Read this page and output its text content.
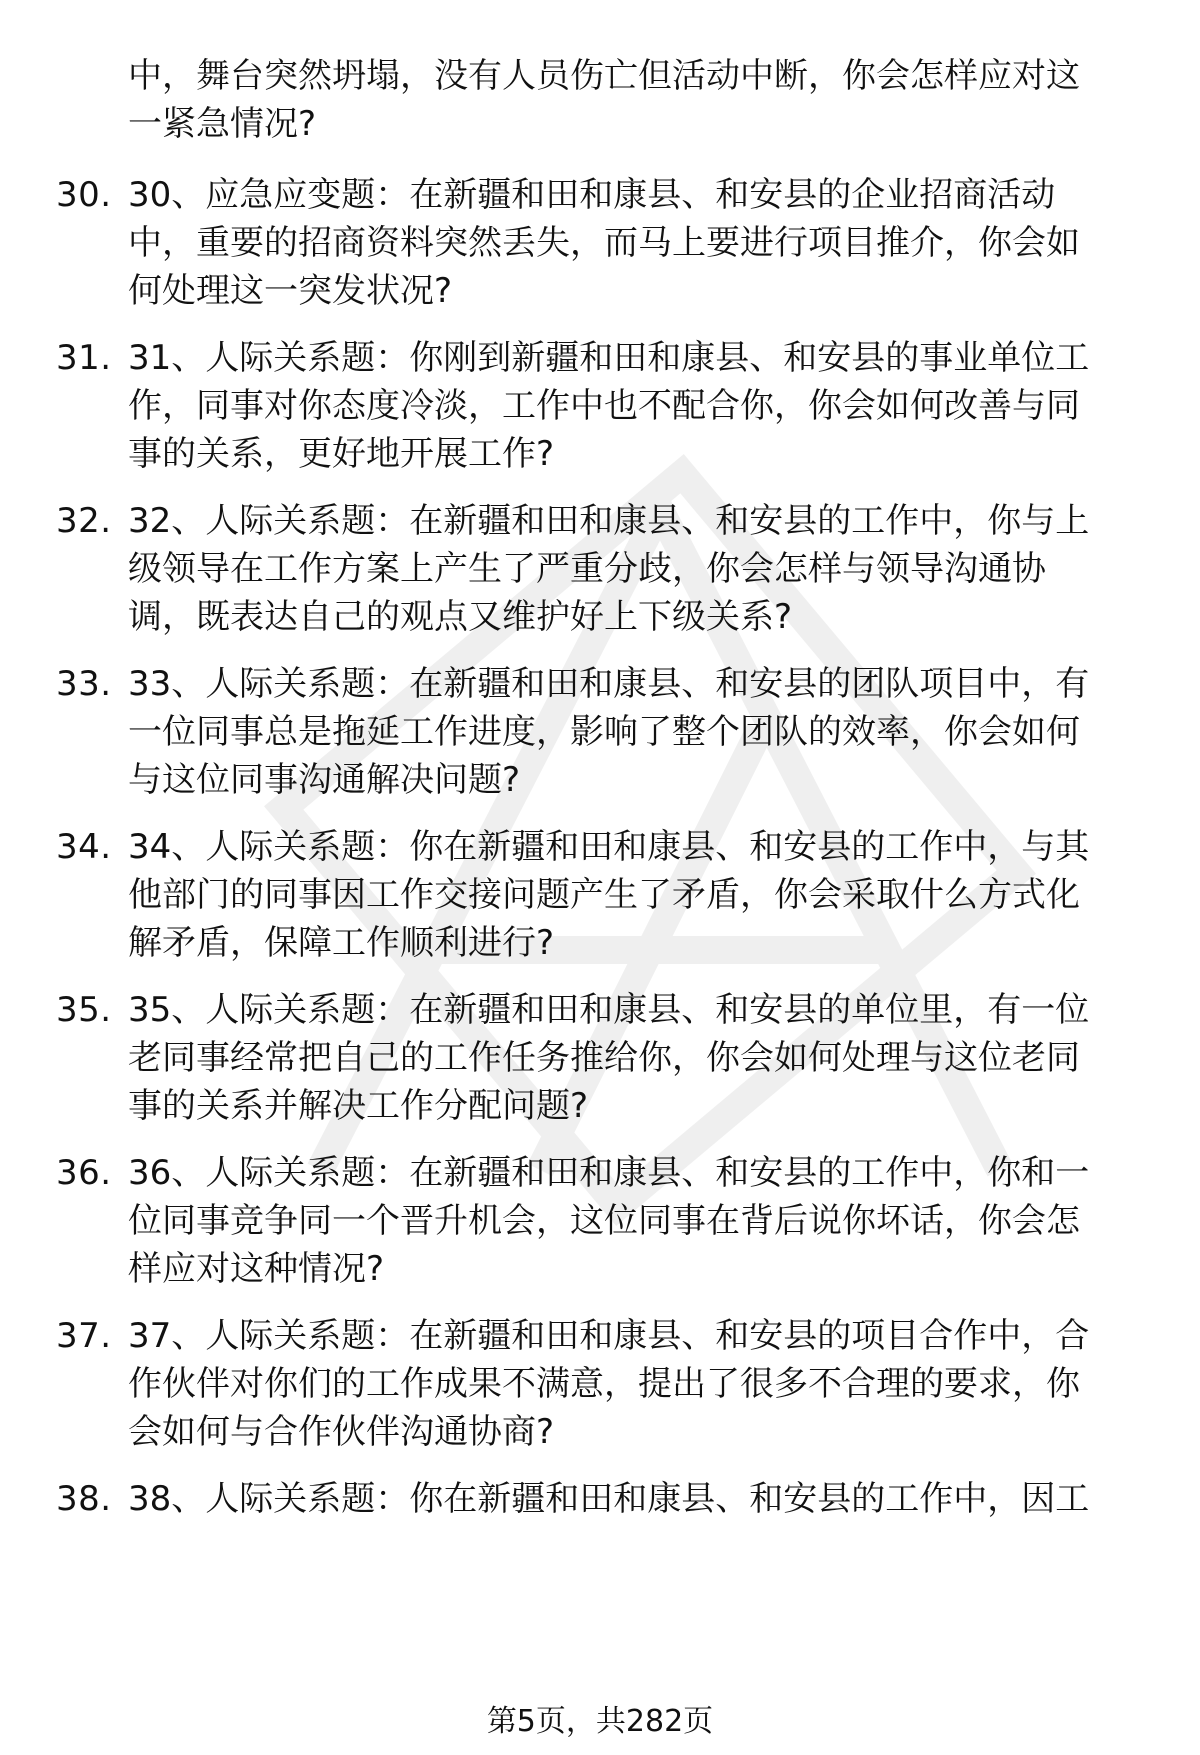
中，舞台突然坍塌，没有人员伤亡但活动中断，你会怎样应对这
一紧急情况?
30. 30、应急应变题：在新疆和田和康县、和安县的企业招商活动
中，重要的招商资料突然丢失，而马上要进行项目推介，你会如
何处理这一突发状况?
31. 31、人际关系题：你刚到新疆和田和康县、和安县的事业单位工
作，同事对你态度冷淡，工作中也不配合你，你会如何改善与同
事的关系，更好地开展工作?
32. 32、人际关系题：在新疆和田和康县、和安县的工作中，你与上
级领导在工作方案上产生了严重分歧，你会怎样与领导沟通协
调，既表达自己的观点又维护好上下级关系?
33. 33、人际关系题：在新疆和田和康县、和安县的团队项目中，有
一位同事总是拖延工作进度，影响了整个团队的效率，你会如何
与这位同事沟通解决问题?
34. 34、人际关系题：你在新疆和田和康县、和安县的工作中，与其
他部门的同事因工作交接问题产生了矛盾，你会采取什么方式化
解矛盾，保障工作顺利进行?
35. 35、人际关系题：在新疆和田和康县、和安县的单位里，有一位
老同事经常把自己的工作任务推给你，你会如何处理与这位老同
事的关系并解决工作分配问题?
36. 36、人际关系题：在新疆和田和康县、和安县的工作中，你和一
位同事竞争同一个晋升机会，这位同事在背后说你坏话，你会怎
样应对这种情况?
37. 37、人际关系题：在新疆和田和康县、和安县的项目合作中，合
作伙伴对你们的工作成果不满意，提出了很多不合理的要求，你
会如何与合作伙伴沟通协商?
38. 38、人际关系题：你在新疆和田和康县、和安县的工作中，因工
第5页，共282页
